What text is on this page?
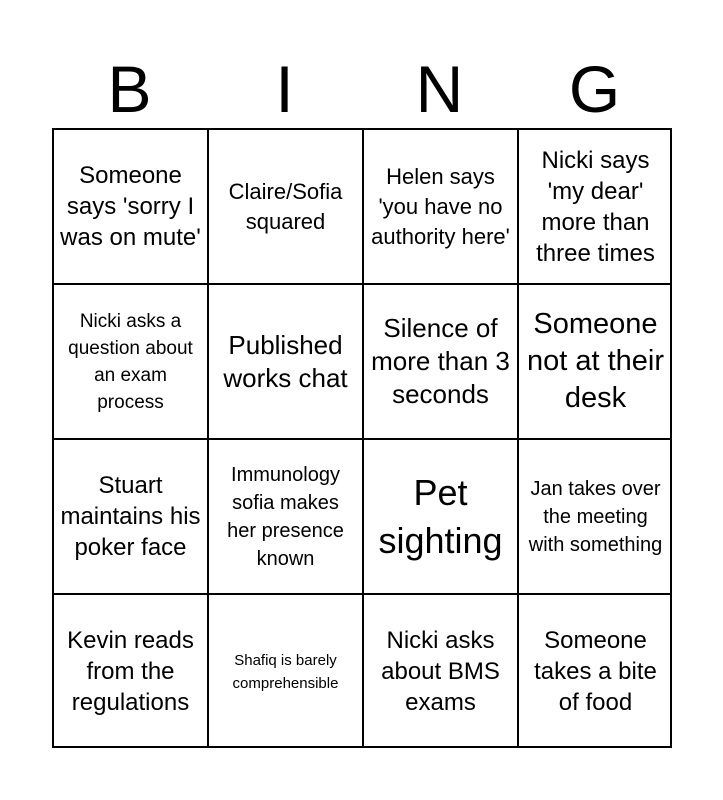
B	I	N	G
Someone says 'sorry I was on mute'
Claire/Sofia squared
Helen says 'you have no authority here'
Nicki says 'my dear' more than three times
Nicki asks a question about an exam process
Published works chat
Silence of more than 3 seconds
Someone not at their desk
Stuart maintains his poker face
Immunology sofia makes her presence known
Pet sighting
Jan takes over the meeting with something
Kevin reads from the regulations
Shafiq is barely comprehensible
Nicki asks about BMS exams
Someone takes a bite of food
